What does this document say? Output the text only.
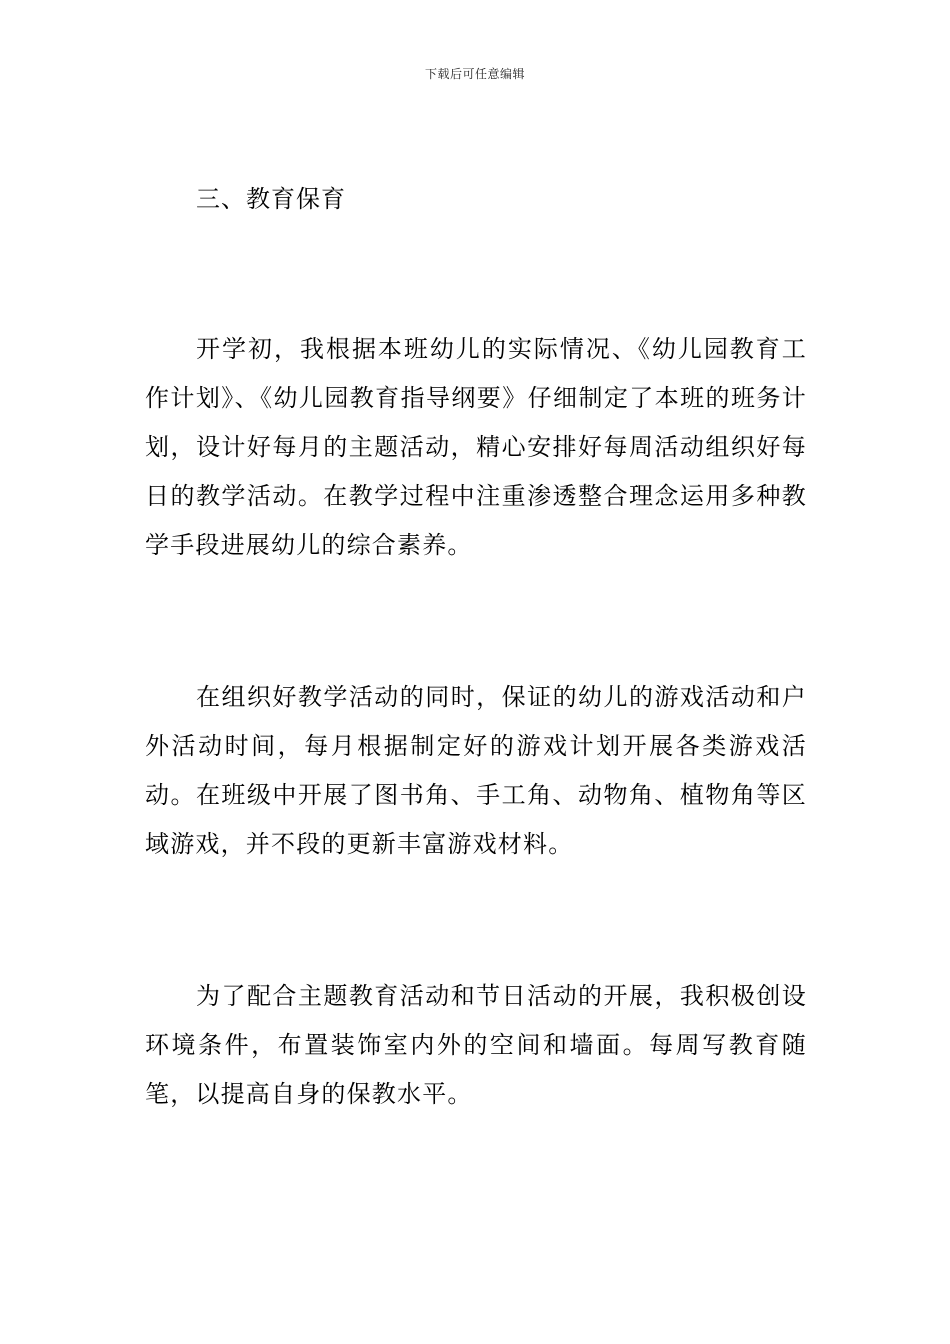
下载后可任意编辑
三、教育保育

开学初，我根据本班幼儿的实际情况、《幼儿园教育工作计划》、《幼儿园教育指导纲要》仔细制定了本班的班务计划，设计好每月的主题活动，精心安排好每周活动组织好每日的教学活动。在教学过程中注重渗透整合理念运用多种教学手段进展幼儿的综合素养。

在组织好教学活动的同时，保证的幼儿的游戏活动和户外活动时间，每月根据制定好的游戏计划开展各类游戏活动。在班级中开展了图书角、手工角、动物角、植物角等区域游戏，并不段的更新丰富游戏材料。

为了配合主题教育活动和节日活动的开展，我积极创设环境条件，布置装饰室内外的空间和墙面。每周写教育随笔，以提高自身的保教水平。
